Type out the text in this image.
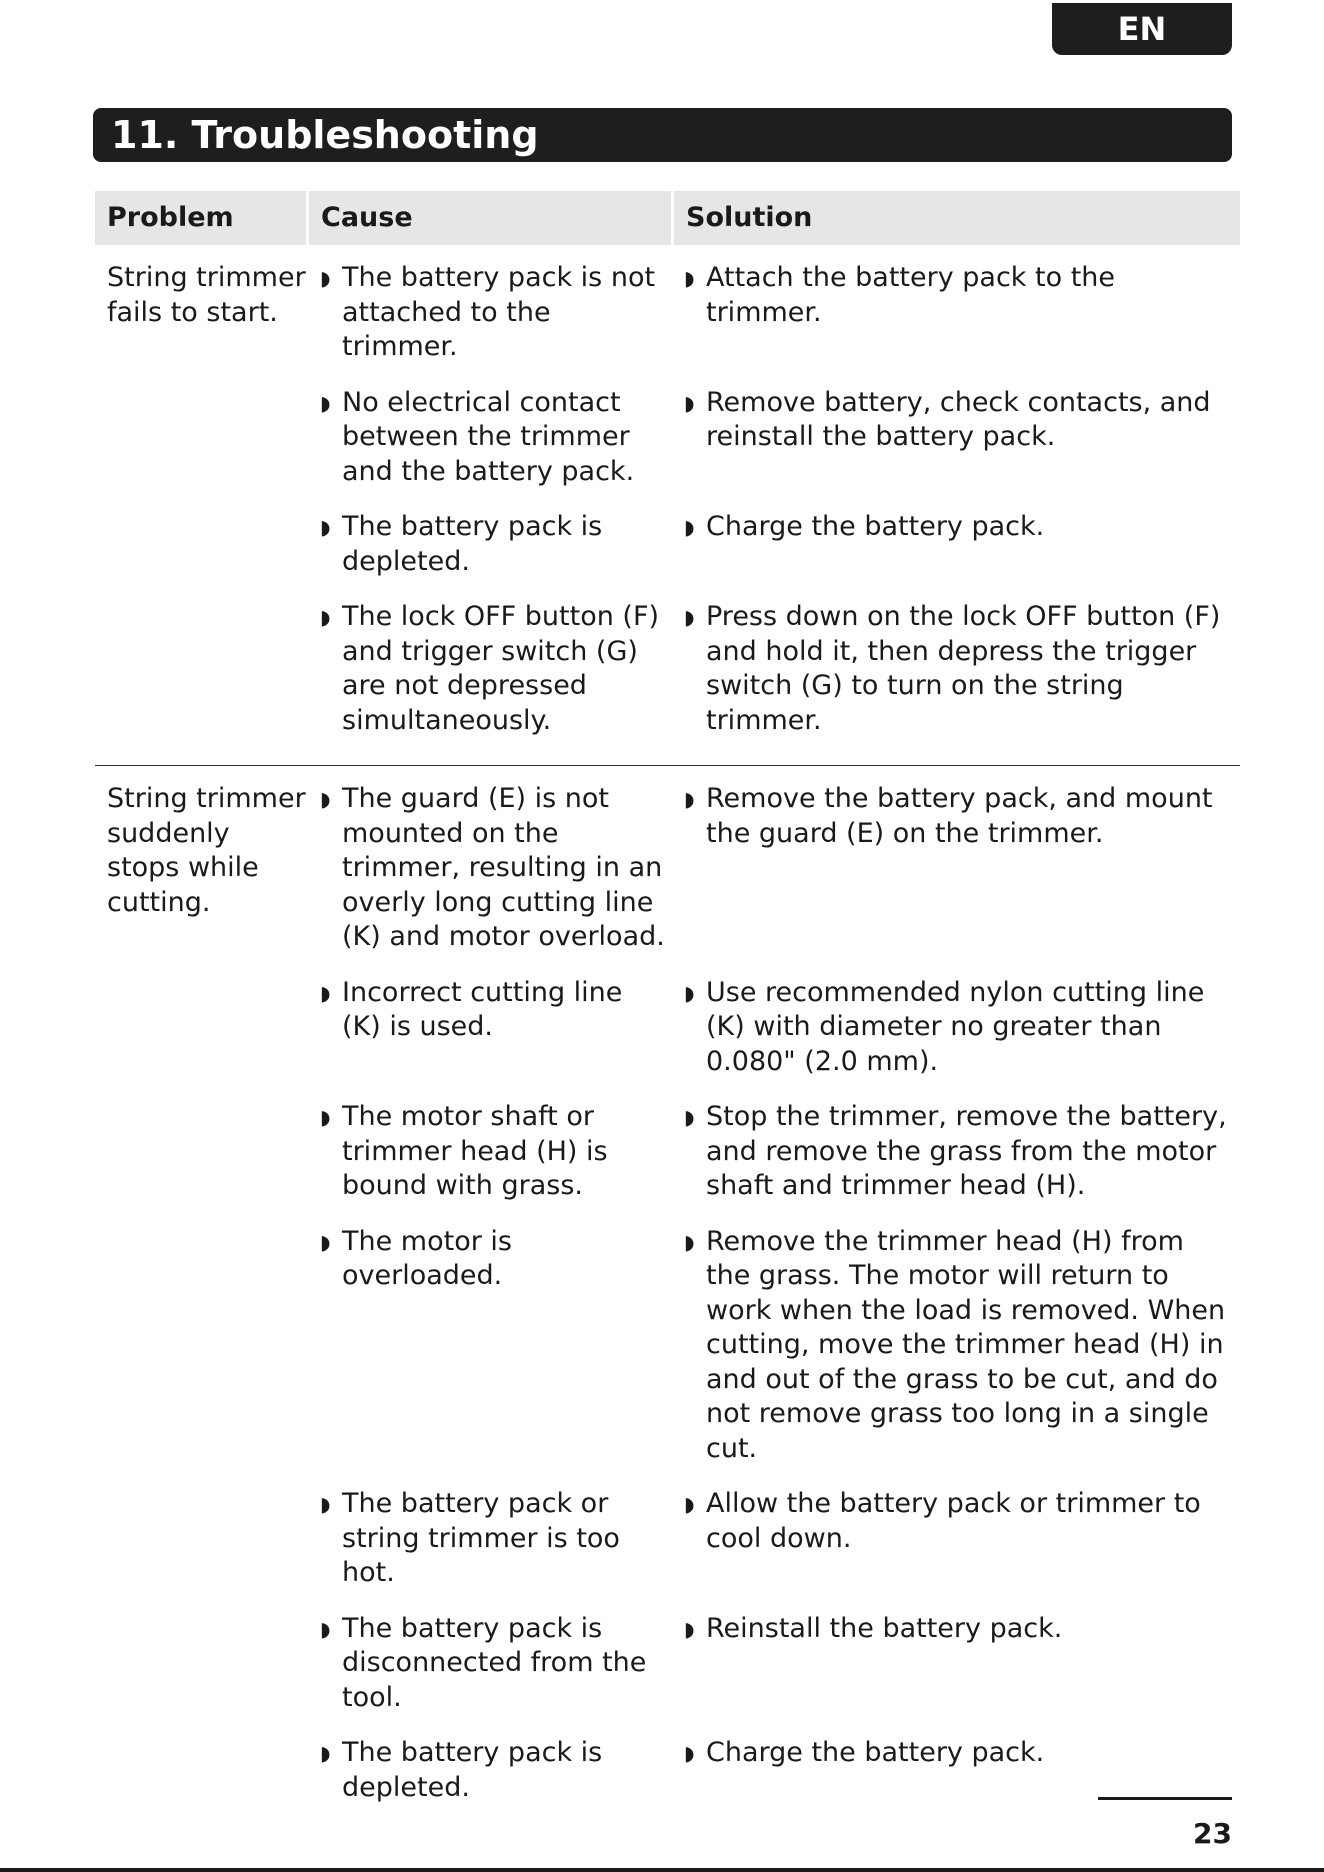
EN
11. Troubleshooting
Problem	Cause	Solution
String trimmer fails to start.
◗ The battery pack is not attached to the trimmer.
◗ Attach the battery pack to the trimmer.
◗ No electrical contact between the trimmer and the battery pack.
◗ Remove battery, check contacts, and reinstall the battery pack.
◗ The battery pack is depleted.
◗ Charge the battery pack.
◗ The lock OFF button (F) and trigger switch (G) are not depressed simultaneously.
◗ Press down on the lock OFF button (F) and hold it, then depress the trigger switch (G) to turn on the string trimmer.
String trimmer suddenly stops while cutting.
◗ The guard (E) is not mounted on the trimmer, resulting in an overly long cutting line (K) and motor overload.
◗ Remove the battery pack, and mount the guard (E) on the trimmer.
◗ Incorrect cutting line (K) is used.
◗ Use recommended nylon cutting line (K) with diameter no greater than 0.080" (2.0 mm).
◗ The motor shaft or trimmer head (H) is bound with grass.
◗ Stop the trimmer, remove the battery, and remove the grass from the motor shaft and trimmer head (H).
◗ The motor is overloaded.
◗ Remove the trimmer head (H) from the grass. The motor will return to work when the load is removed. When cutting, move the trimmer head (H) in and out of the grass to be cut, and do not remove grass too long in a single cut.
◗ The battery pack or string trimmer is too hot.
◗ Allow the battery pack or trimmer to cool down.
◗ The battery pack is disconnected from the tool.
◗ Reinstall the battery pack.
◗ The battery pack is depleted.
◗ Charge the battery pack.
23
